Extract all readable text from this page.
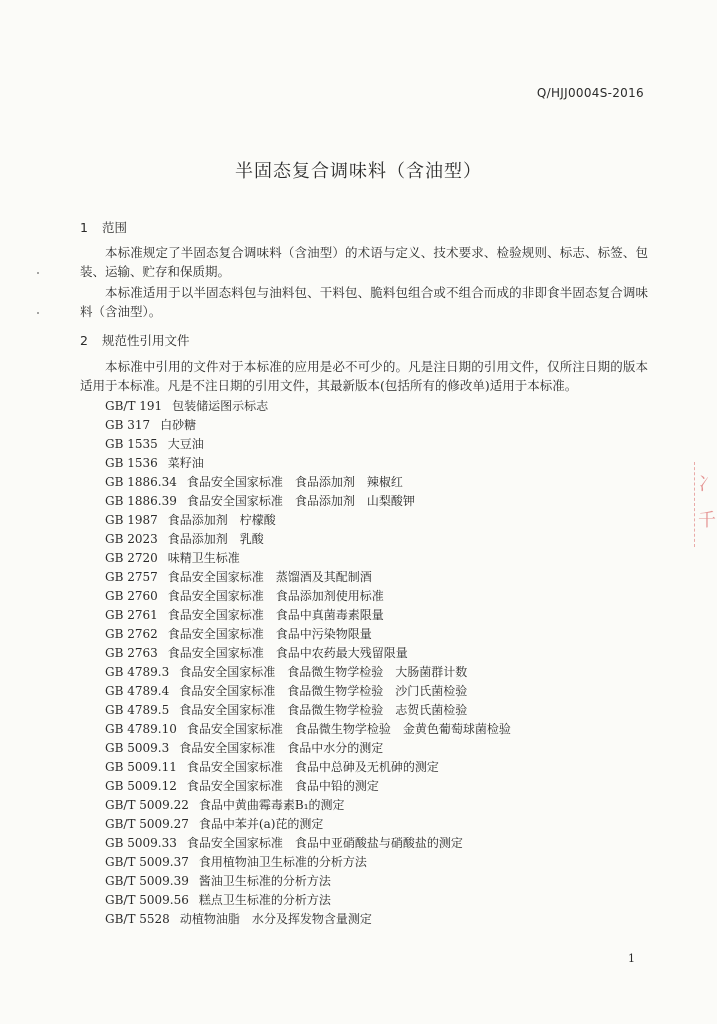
Q/HJJ0004S-2016
半固态复合调味料（含油型）
1 范围
本标准规定了半固态复合调味料（含油型）的术语与定义、技术要求、检验规则、标志、标签、包装、运输、贮存和保质期。
本标准适用于以半固态料包与油料包、干料包、脆料包组合或不组合而成的非即食半固态复合调味料（含油型）。
2 规范性引用文件
本标准中引用的文件对于本标准的应用是必不可少的。凡是注日期的引用文件，仅所注日期的版本适用于本标准。凡是不注日期的引用文件，其最新版本(包括所有的修改单)适用于本标准。
GB/T 191 包装储运图示标志
GB 317 白砂糖
GB 1535 大豆油
GB 1536 菜籽油
GB 1886.34 食品安全国家标准　食品添加剂　辣椒红
GB 1886.39 食品安全国家标准　食品添加剂　山梨酸钾
GB 1987 食品添加剂　柠檬酸
GB 2023 食品添加剂　乳酸
GB 2720 味精卫生标准
GB 2757 食品安全国家标准　蒸馏酒及其配制酒
GB 2760 食品安全国家标准　食品添加剂使用标准
GB 2761 食品安全国家标准　食品中真菌毒素限量
GB 2762 食品安全国家标准　食品中污染物限量
GB 2763 食品安全国家标准　食品中农药最大残留限量
GB 4789.3 食品安全国家标准　食品微生物学检验　大肠菌群计数
GB 4789.4 食品安全国家标准　食品微生物学检验　沙门氏菌检验
GB 4789.5 食品安全国家标准　食品微生物学检验　志贺氏菌检验
GB 4789.10 食品安全国家标准　食品微生物学检验　金黄色葡萄球菌检验
GB 5009.3 食品安全国家标准　食品中水分的测定
GB 5009.11 食品安全国家标准　食品中总砷及无机砷的测定
GB 5009.12 食品安全国家标准　食品中铅的测定
GB/T 5009.22 食品中黄曲霉毒素B₁的测定
GB/T 5009.27 食品中苯并(a)芘的测定
GB 5009.33 食品安全国家标准　食品中亚硝酸盐与硝酸盐的测定
GB/T 5009.37 食用植物油卫生标准的分析方法
GB/T 5009.39 酱油卫生标准的分析方法
GB/T 5009.56 糕点卫生标准的分析方法
GB/T 5528 动植物油脂　水分及挥发物含量测定
1
冫
千
